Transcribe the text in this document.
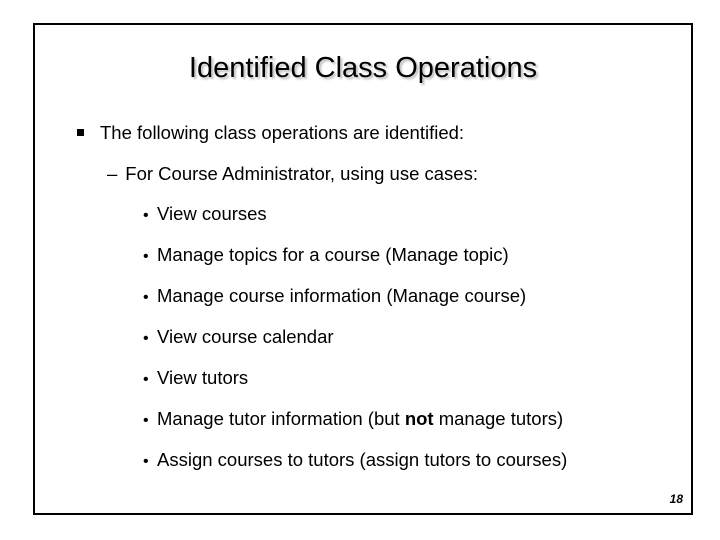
Identified Class Operations
The following class operations are identified:
– For Course Administrator, using use cases:
• View courses
• Manage topics for a course (Manage topic)
• Manage course information (Manage course)
• View course calendar
• View tutors
• Manage tutor information (but not manage tutors)
• Assign courses to tutors (assign tutors to courses)
18
